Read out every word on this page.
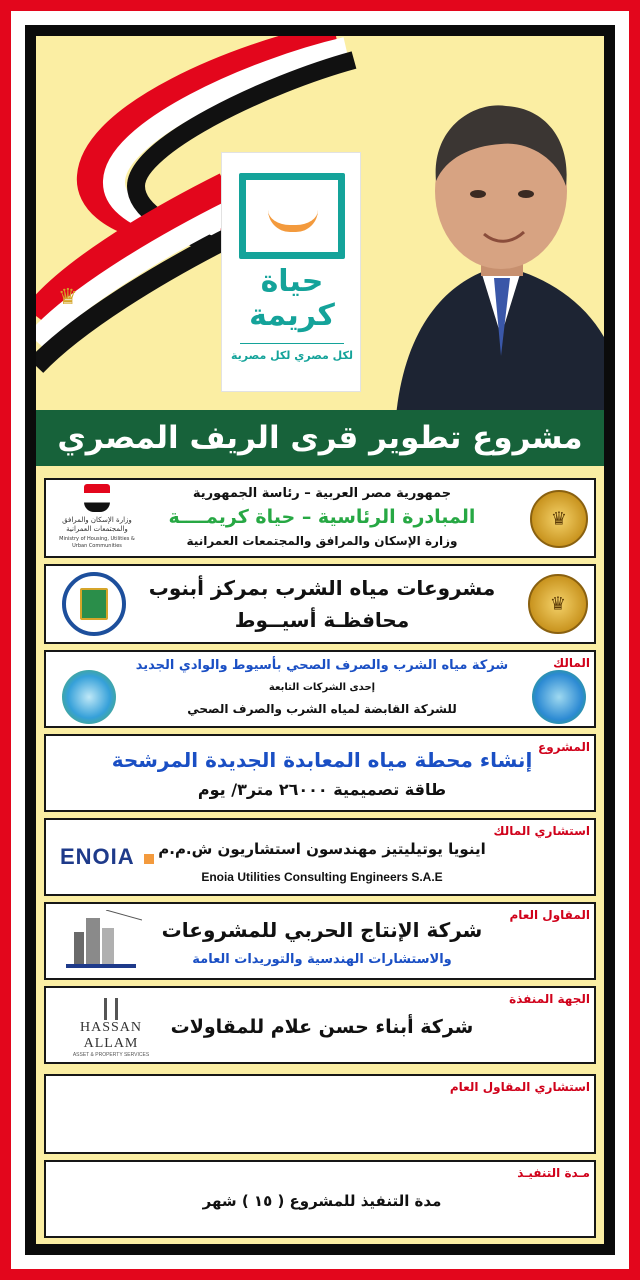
♛	حياة
كريمة
لكل مصري لكل مصرية
مشروع تطوير قرى الريف المصري
♛
جمهورية مصر العربية – رئاسة الجمهورية
المبادرة الرئاسية – حياة كريمــــة
وزارة الإسكان والمرافق والمجتمعات العمرانية
وزارة الإسكان والمرافق والمجتمعات العمرانية
Ministry of Housing, Utilities & Urban Communities
♛
مشروعات مياه الشرب بمركز أبنوب
محافظـة أسيــوط
المالك
شركة مياه الشرب والصرف الصحي بأسيوط والوادي الجديد
إحدى الشركات التابعة
للشركة القابضة لمياه الشرب والصرف الصحي
المشروع
إنشاء محطة مياه المعابدة الجديدة المرشحة
طاقة تصميمية ٢٦٠٠٠ متر٣/ يوم
استشاري المالك
اينويا يوتيليتيز مهندسون استشاريون ش.م.م
Enoia Utilities Consulting Engineers S.A.E
ENOIA
المقاول العام
شركة الإنتاج الحربي للمشروعات
والاستشارات الهندسية والتوريدات العامة
الجهة المنفذة
شركة أبناء حسن علام للمقاولات
HASSAN ALLAM
ASSET & PROPERTY SERVICES
استشاري المقاول العام
مـدة التنفيـذ
مدة التنفيذ للمشروع ( ١٥ ) شهر
